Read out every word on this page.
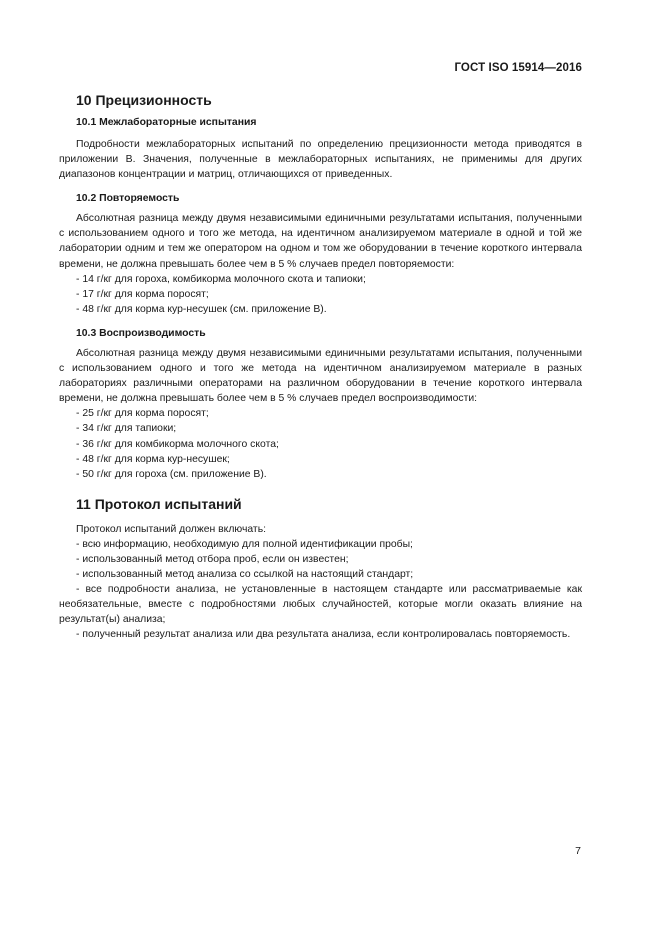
ГОСТ ISO 15914—2016
10 Прецизионность
10.1 Межлабораторные испытания

Подробности межлабораторных испытаний по определению прецизионности метода приводятся в приложении В. Значения, полученные в межлабораторных испытаниях, не применимы для других диапазонов концентрации и матриц, отличающихся от приведенных.

10.2 Повторяемость

Абсолютная разница между двумя независимыми единичными результатами испытания, полученными с использованием одного и того же метода, на идентичном анализируемом материале в одной и той же лаборатории одним и тем же оператором на одном и том же оборудовании в течение короткого интервала времени, не должна превышать более чем в 5 % случаев предел повторяемости:

- 14 г/кг для гороха, комбикорма молочного скота и тапиоки;
- 17 г/кг для корма поросят;
- 48 г/кг для корма кур-несушек (см. приложение В).
10.3 Воспроизводимость

Абсолютная разница между двумя независимыми единичными результатами испытания, полученными с использованием одного и того же метода на идентичном анализируемом материале в разных лабораториях различными операторами на различном оборудовании в течение короткого интервала времени, не должна превышать более чем в 5 % случаев предел воспроизводимости:

- 25 г/кг для корма поросят;
- 34 г/кг для тапиоки;
- 36 г/кг для комбикорма молочного скота;
- 48 г/кг для корма кур-несушек;
- 50 г/кг для гороха (см. приложение В).
11 Протокол испытаний

Протокол испытаний должен включать:

- всю информацию, необходимую для полной идентификации пробы;

- использованный метод отбора проб, если он известен;

- использованный метод анализа со ссылкой на настоящий стандарт;

- все подробности анализа, не установленные в настоящем стандарте или рассматриваемые как необязательные, вместе с подробностями любых случайностей, которые могли оказать влияние на результат(ы) анализа;

- полученный результат анализа или два результата анализа, если контролировалась повторяемость.

7
